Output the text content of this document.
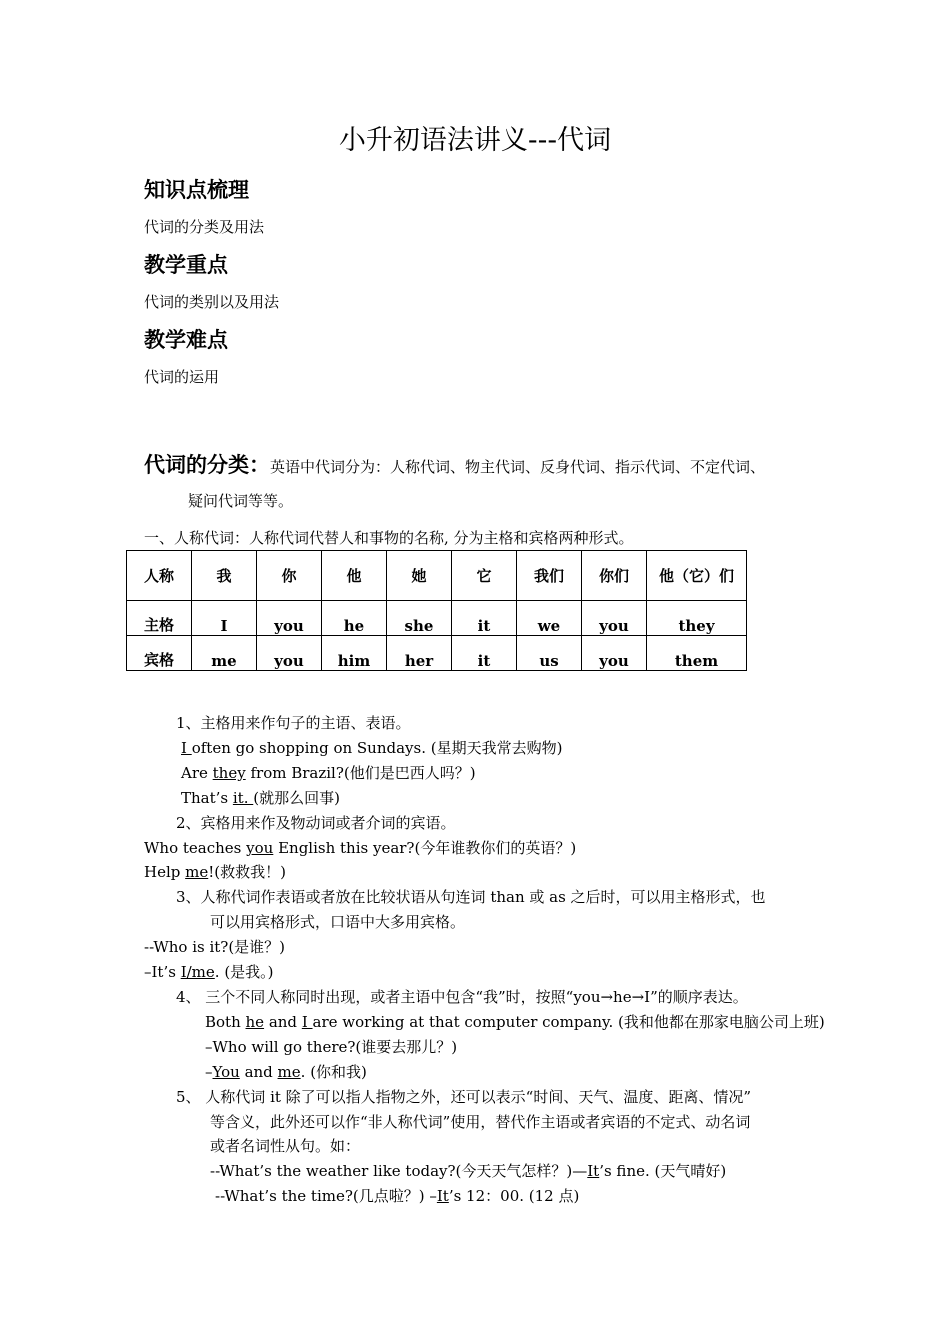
小升初语法讲义---代词
知识点梳理
代词的分类及用法
教学重点
代词的类别以及用法
教学难点
代词的运用
代词的分类：英语中代词分为：人称代词、物主代词、反身代词、指示代词、不定代词、
疑问代词等等。
一、人称代词：人称代词代替人和事物的名称, 分为主格和宾格两种形式。
人称	我	你	他	她	它	我们	你们	他（它）们
主格	I	you	he	she	it	we	you	they
宾格	me	you	him	her	it	us	you	them
1、主格用来作句子的主语、表语。
I often go shopping on Sundays. (星期天我常去购物)
Are they from Brazil?(他们是巴西人吗？)
That’s it. (就那么回事)
2、宾格用来作及物动词或者介词的宾语。
Who teaches you English this year?(今年谁教你们的英语？)
Help me!(救救我！)
3、人称代词作表语或者放在比较状语从句连词 than 或 as 之后时，可以用主格形式，也
可以用宾格形式，口语中大多用宾格。
--Who is it?(是谁？)
–It’s I/me. (是我。)
4、 三个不同人称同时出现，或者主语中包含“我”时，按照“you→he→I”的顺序表达。
Both he and I are working at that computer company. (我和他都在那家电脑公司上班)
–Who will go there?(谁要去那儿？)
–You and me. (你和我)
5、 人称代词 it 除了可以指人指物之外，还可以表示“时间、天气、温度、距离、情况”
等含义，此外还可以作“非人称代词”使用，替代作主语或者宾语的不定式、动名词
或者名词性从句。如：
--What’s the weather like today?(今天天气怎样？)—It’s fine. (天气晴好)
--What’s the time?(几点啦？) –It’s 12：00. (12 点)
